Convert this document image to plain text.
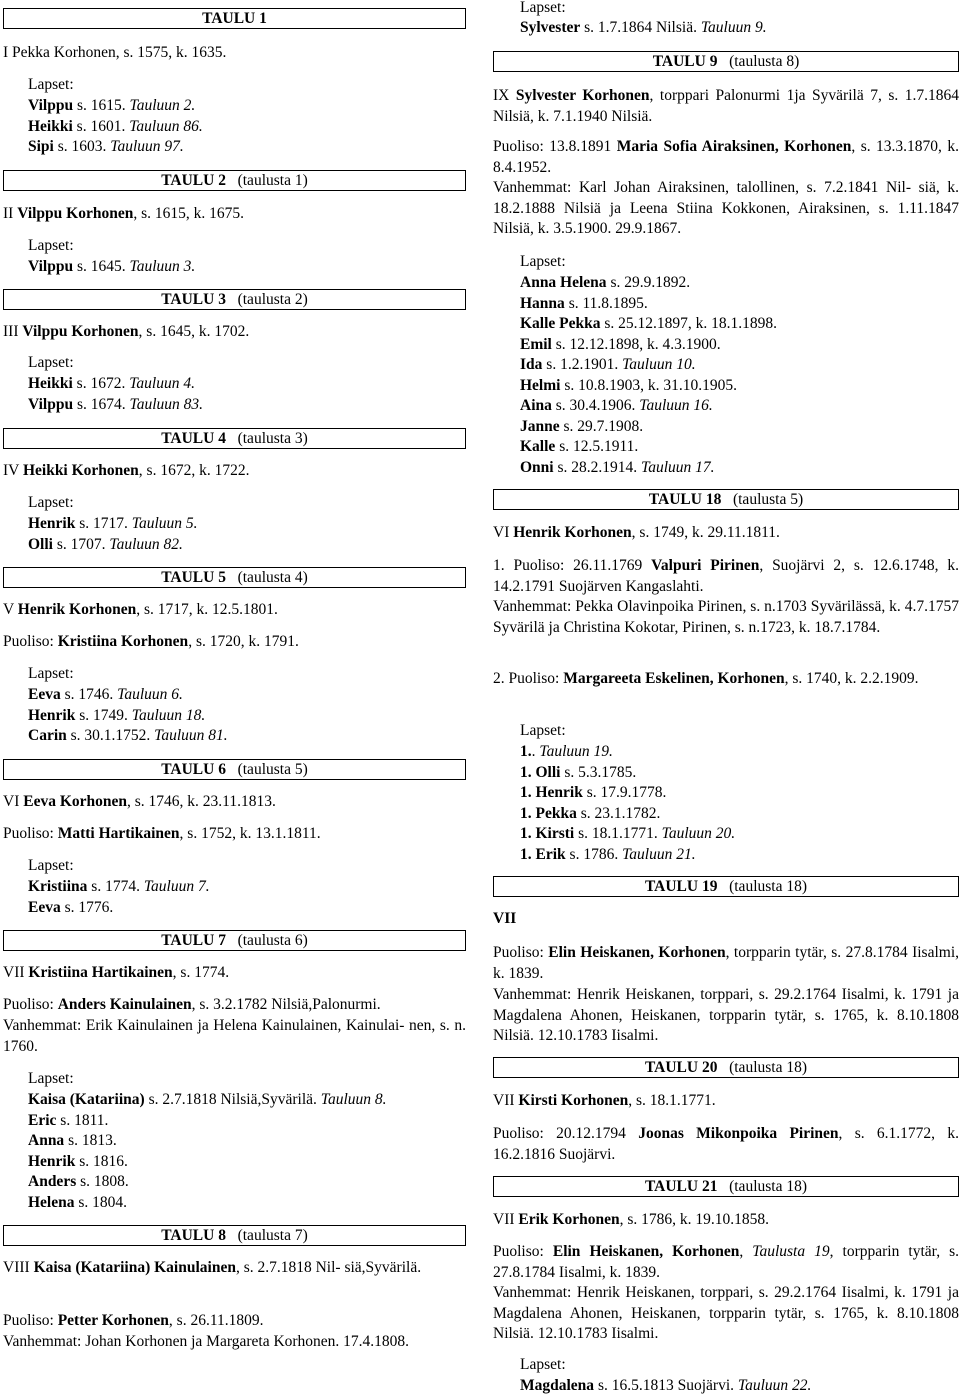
TAULU 1

I Pekka Korhonen, s. 1575, k. 1635.

Lapset:

Vilppu s. 1615. Tauluun 2.

Heikki s. 1601. Tauluun 86.

Sipi s. 1603. Tauluun 97.

TAULU 2 (taulusta 1)

II Vilppu Korhonen, s. 1615, k. 1675.

Lapset:

Vilppu s. 1645. Tauluun 3.

TAULU 3 (taulusta 2)

III Vilppu Korhonen, s. 1645, k. 1702.

Lapset:

Heikki s. 1672. Tauluun 4.

Vilppu s. 1674. Tauluun 83.

TAULU 4 (taulusta 3)

IV Heikki Korhonen, s. 1672, k. 1722.

Lapset:

Henrik s. 1717. Tauluun 5.

Olli s. 1707. Tauluun 82.

TAULU 5 (taulusta 4)

V Henrik Korhonen, s. 1717, k. 12.5.1801.

Puoliso: Kristiina Korhonen, s. 1720, k. 1791.

Lapset:

Eeva s. 1746. Tauluun 6.

Henrik s. 1749. Tauluun 18.

Carin s. 30.1.1752. Tauluun 81.

TAULU 6 (taulusta 5)

VI Eeva Korhonen, s. 1746, k. 23.11.1813.

Puoliso: Matti Hartikainen, s. 1752, k. 13.1.1811.

Lapset:

Kristiina s. 1774. Tauluun 7.

Eeva s. 1776.

TAULU 7 (taulusta 6)

VII Kristiina Hartikainen, s. 1774.

Puoliso: Anders Kainulainen, s. 3.2.1782 Nilsiä,Palonurmi.

Vanhemmat: Erik Kainulainen ja Helena Kainulainen, Kainulai- nen, s. n. 1760.

Lapset:

Kaisa (Katariina) s. 2.7.1818 Nilsiä,Syvärilä. Tauluun 8.

Eric s. 1811.

Anna s. 1813.

Henrik s. 1816.

Anders s. 1808.

Helena s. 1804.

TAULU 8 (taulusta 7)

VIII Kaisa (Katariina) Kainulainen, s. 2.7.1818 Nil- siä,Syvärilä.

Puoliso: Petter Korhonen, s. 26.11.1809.

Vanhemmat: Johan Korhonen ja Margareta Korhonen. 17.4.1808.

Lapset:

Sylvester s. 1.7.1864 Nilsiä. Tauluun 9.

TAULU 9 (taulusta 8)

IX Sylvester Korhonen, torppari Palonurmi 1ja Syvärilä 7, s. 1.7.1864 Nilsiä, k. 7.1.1940 Nilsiä.

Puoliso: 13.8.1891 Maria Sofia Airaksinen, Korhonen, s. 13.3.1870, k. 8.4.1952.

Vanhemmat: Karl Johan Airaksinen, talollinen, s. 7.2.1841 Nil- siä, k. 18.2.1888 Nilsiä ja Leena Stiina Kokkonen, Airaksinen, s. 1.11.1847 Nilsiä, k. 3.5.1900. 29.9.1867.

Lapset:

Anna Helena s. 29.9.1892.

Hanna s. 11.8.1895.

Kalle Pekka s. 25.12.1897, k. 18.1.1898.

Emil s. 12.12.1898, k. 4.3.1900.

Ida s. 1.2.1901. Tauluun 10.

Helmi s. 10.8.1903, k. 31.10.1905.

Aina s. 30.4.1906. Tauluun 16.

Janne s. 29.7.1908.

Kalle s. 12.5.1911.

Onni s. 28.2.1914. Tauluun 17.

TAULU 18 (taulusta 5)

VI Henrik Korhonen, s. 1749, k. 29.11.1811.

1. Puoliso: 26.11.1769 Valpuri Pirinen, Suojärvi 2, s. 12.6.1748, k. 14.2.1791 Suojärven Kangaslahti.

Vanhemmat: Pekka Olavinpoika Pirinen, s. n.1703 Syvärilässä, k. 4.7.1757 Syvärilä ja Christina Kokotar, Pirinen, s. n.1723, k. 18.7.1784.

2. Puoliso: Margareeta Eskelinen, Korhonen, s. 1740, k. 2.2.1909.

Lapset:

1.. Tauluun 19.

1. Olli s. 5.3.1785.

1. Henrik s. 17.9.1778.

1. Pekka s. 23.1.1782.

1. Kirsti s. 18.1.1771. Tauluun 20.

1. Erik s. 1786. Tauluun 21.

TAULU 19 (taulusta 18)

VII

Puoliso: Elin Heiskanen, Korhonen, torpparin tytär, s. 27.8.1784 Iisalmi, k. 1839.

Vanhemmat: Henrik Heiskanen, torppari, s. 29.2.1764 Iisalmi, k. 1791 ja Magdalena Ahonen, Heiskanen, torpparin tytär, s. 1765, k. 8.10.1808 Nilsiä. 12.10.1783 Iisalmi.

TAULU 20 (taulusta 18)

VII Kirsti Korhonen, s. 18.1.1771.

Puoliso: 20.12.1794 Joonas Mikonpoika Pirinen, s. 6.1.1772, k. 16.2.1816 Suojärvi.

TAULU 21 (taulusta 18)

VII Erik Korhonen, s. 1786, k. 19.10.1858.

Puoliso: Elin Heiskanen, Korhonen, Taulusta 19, torpparin tytär, s. 27.8.1784 Iisalmi, k. 1839.

Vanhemmat: Henrik Heiskanen, torppari, s. 29.2.1764 Iisalmi, k. 1791 ja Magdalena Ahonen, Heiskanen, torpparin tytär, s. 1765, k. 8.10.1808 Nilsiä. 12.10.1783 Iisalmi.

Lapset:

Magdalena s. 16.5.1813 Suojärvi. Tauluun 22.
